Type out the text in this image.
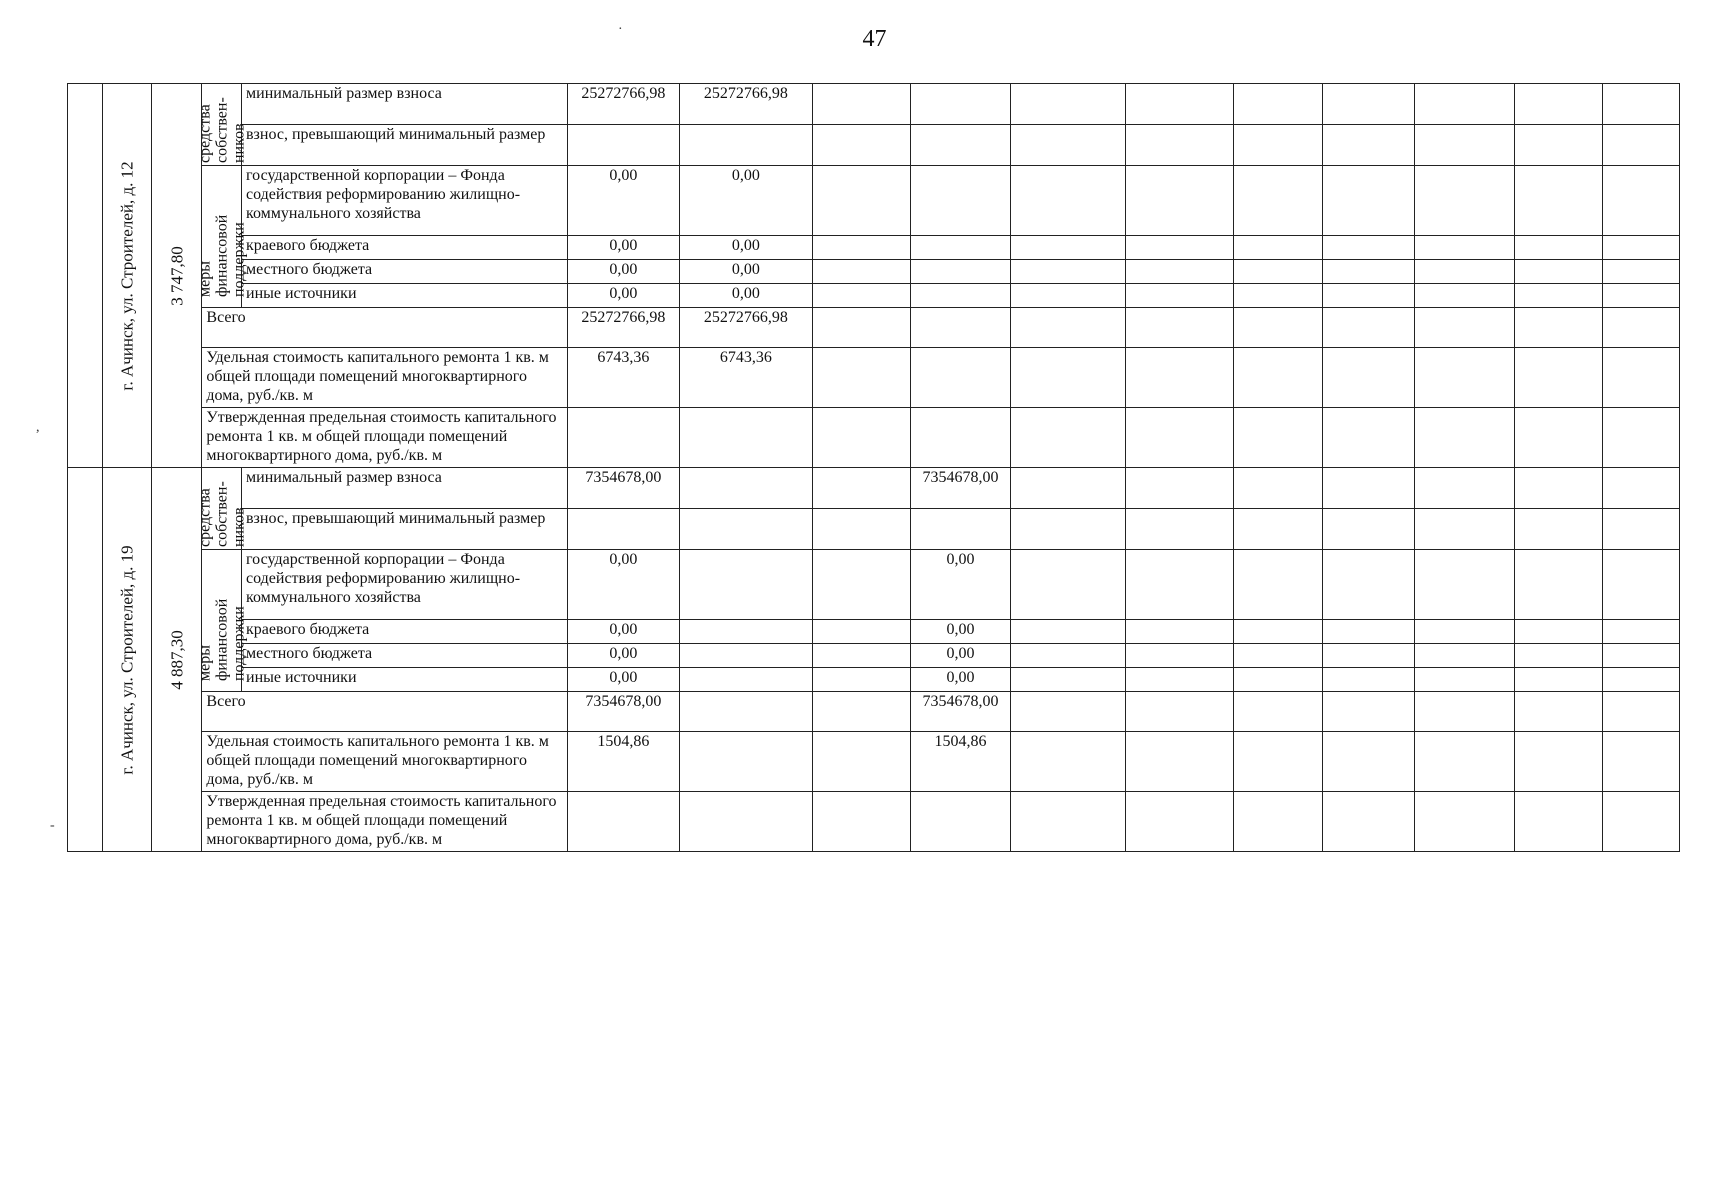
47

	г. Ачинск, ул. Строителей, д. 12	3 747,80	средства собствен-ников	минимальный размер взноса	25272766,98	25272766,98									
				взнос, превышающий минимальный размер											

			меры финансовой поддержки	государственной корпорации – Фонда содействия реформированию жилищно-коммунального хозяйства	0,00	0,00									
				краевого бюджета	0,00	0,00									
				местного бюджета	0,00	0,00									
				иные источники	0,00	0,00									
			Всего		25272766,98	25272766,98									
			Удельная стоимость капитального ремонта 1 кв. м общей площади помещений многоквартирного дома, руб./кв. м		6743,36	6743,36									
			Утвержденная предельная стоимость капитального ремонта 1 кв. м общей площади помещений многоквартирного дома, руб./кв. м												

	г. Ачинск, ул. Строителей, д. 19	4 887,30	средства собствен-ников	минимальный размер взноса	7354678,00			7354678,00							
				взнос, превышающий минимальный размер											

			меры финансовой поддержки	государственной корпорации – Фонда содействия реформированию жилищно-коммунального хозяйства	0,00			0,00							
				краевого бюджета	0,00			0,00							
				местного бюджета	0,00			0,00							
				иные источники	0,00			0,00							
			Всего		7354678,00			7354678,00							
			Удельная стоимость капитального ремонта 1 кв. м общей площади помещений многоквартирного дома, руб./кв. м		1504,86			1504,86							
			Утвержденная предельная стоимость капитального ремонта 1 кв. м общей площади помещений многоквартирного дома, руб./кв. м												
,
-
·
